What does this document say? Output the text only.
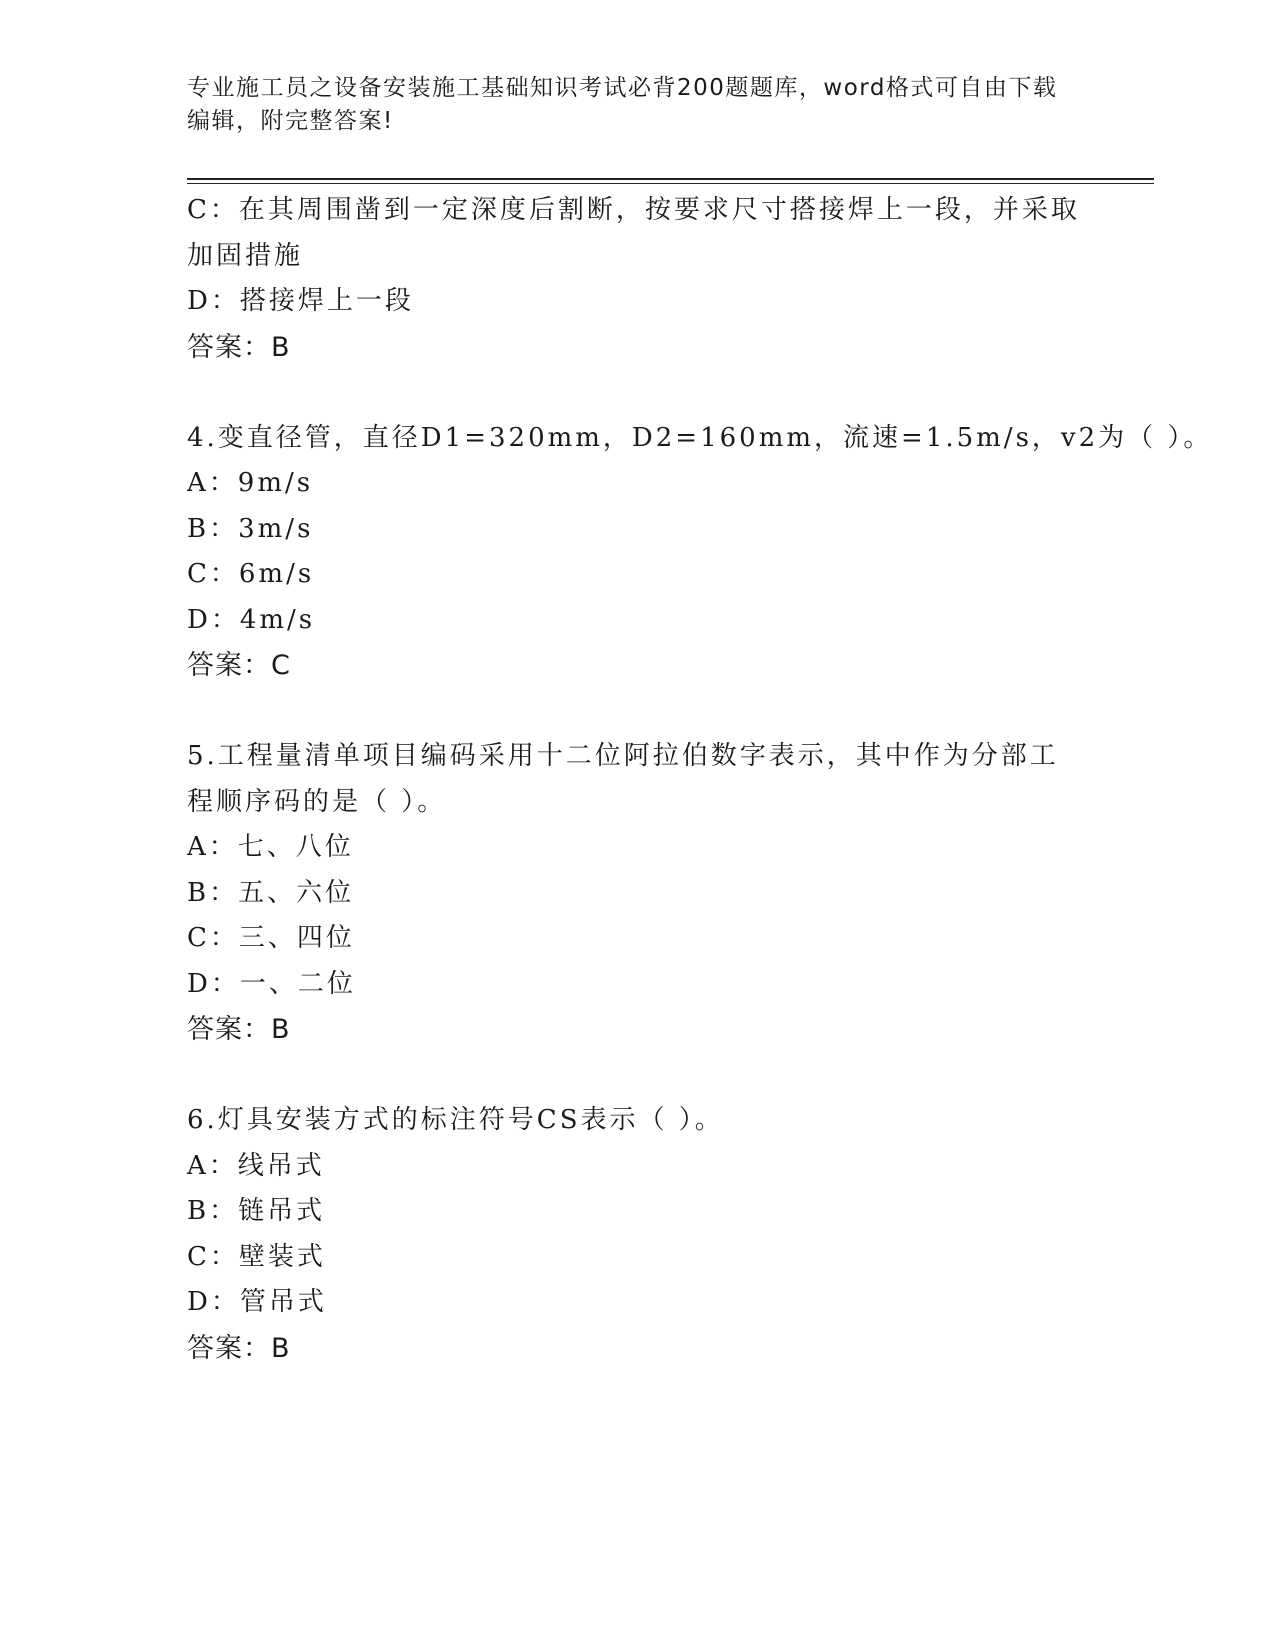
专业施工员之设备安装施工基础知识考试必背200题题库，word格式可自由下载
编辑，附完整答案!
C：在其周围凿到一定深度后割断，按要求尺寸搭接焊上一段，并采取
加固措施
D：搭接焊上一段
答案：B
4.变直径管，直径D1=320mm，D2=160mm，流速=1.5m/s，v2为（ ）。
A：9m/s
B：3m/s
C：6m/s
D：4m/s
答案：C
5.工程量清单项目编码采用十二位阿拉伯数字表示，其中作为分部工
程顺序码的是（ ）。
A：七、八位
B：五、六位
C：三、四位
D：一、二位
答案：B
6.灯具安装方式的标注符号CS表示（ ）。
A：线吊式
B：链吊式
C：壁装式
D：管吊式
答案：B
